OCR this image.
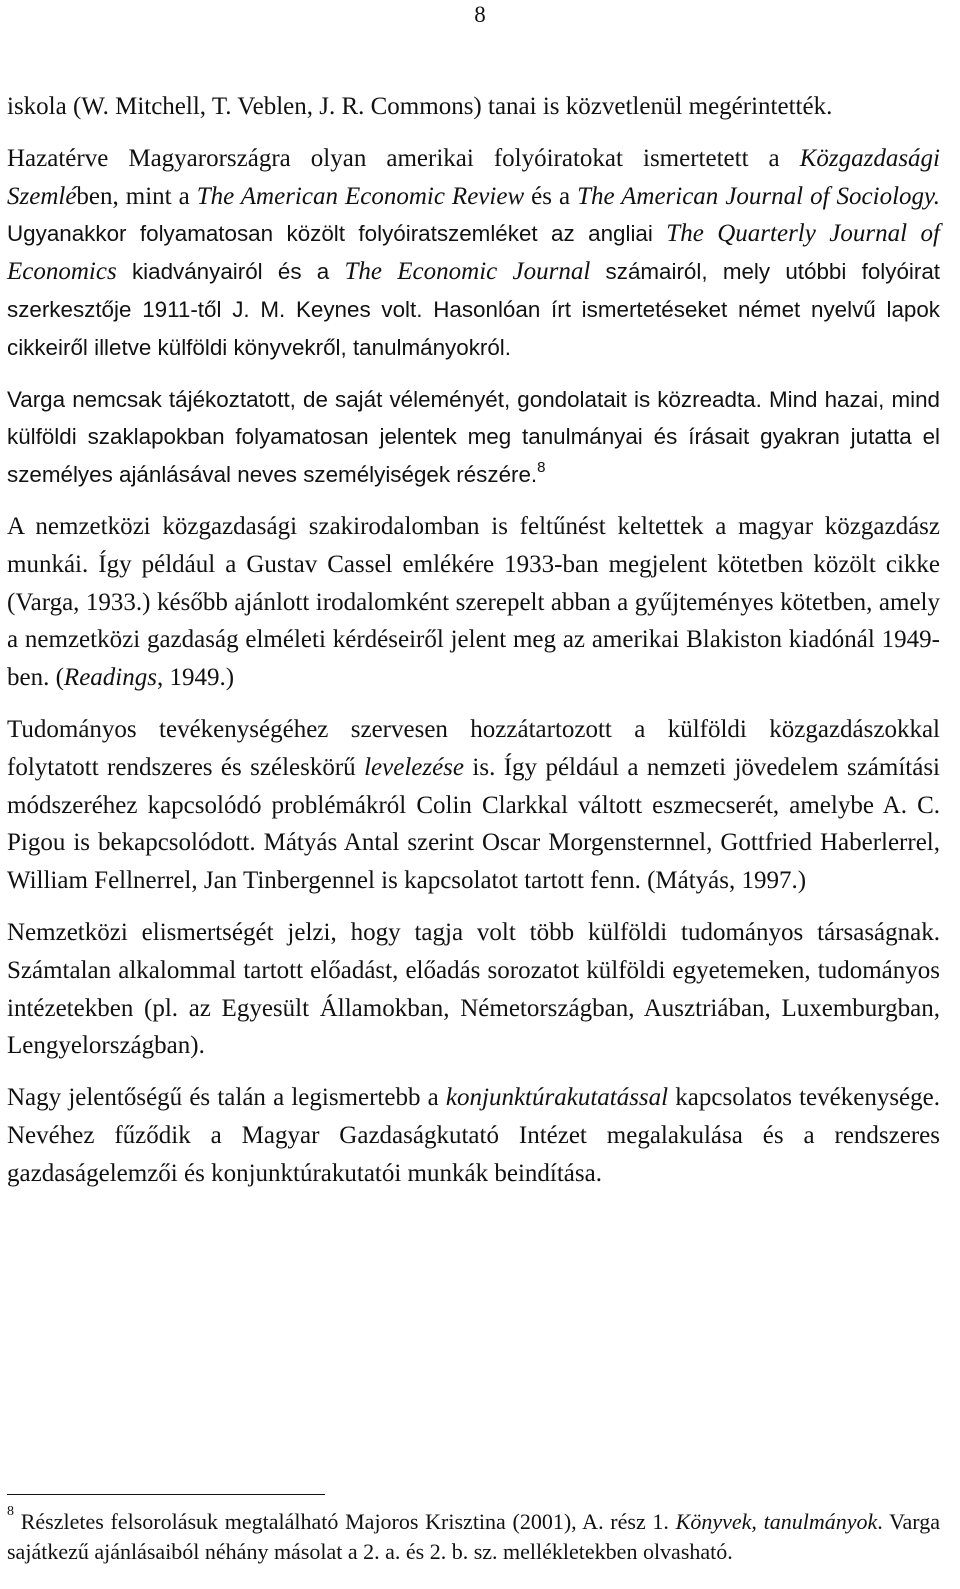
8

iskola (W. Mitchell, T. Veblen, J. R. Commons) tanai is közvetlenül megérintették.

Hazatérve Magyarországra olyan amerikai folyóiratokat ismertetett a Közgazdasági Szemlében, mint a The American Economic Review és a The American Journal of Sociology. Ugyanakkor folyamatosan közölt folyóiratszemléket az angliai The Quarterly Journal of Economics kiadványairól és a The Economic Journal számairól, mely utóbbi folyóirat szerkesztője 1911-től J. M. Keynes volt. Hasonlóan írt ismertetéseket német nyelvű lapok cikkeiről illetve külföldi könyvekről, tanulmányokról.

Varga nemcsak tájékoztatott, de saját véleményét, gondolatait is közreadta. Mind hazai, mind külföldi szaklapokban folyamatosan jelentek meg tanulmányai és írásait gyakran jutatta el személyes ajánlásával neves személyiségek részére.$^8$

A nemzetközi közgazdasági szakirodalomban is feltűnést keltettek a magyar közgazdász munkái. Így például a Gustav Cassel emlékére 1933-ban megjelent kötetben közölt cikke (Varga, 1933.) később ajánlott irodalomként szerepelt abban a gyűjteményes kötetben, amely a nemzetközi gazdaság elméleti kérdéseiről jelent meg az amerikai Blakiston kiadónál 1949-ben. (Readings, 1949.)

Tudományos tevékenységéhez szervesen hozzátartozott a külföldi közgazdászokkal folytatott rendszeres és széleskörű levelezése is. Így például a nemzeti jövedelem számítási módszeréhez kapcsolódó problémákról Colin Clarkkal váltott eszmecserét, amelybe A. C. Pigou is bekapcsolódott. Mátyás Antal szerint Oscar Morgensternnel, Gottfried Haberlerrel, William Fellnerrel, Jan Tinbergennel is kapcsolatot tartott fenn. (Mátyás, 1997.)

Nemzetközi elismertségét jelzi, hogy tagja volt több külföldi tudományos társaságnak. Számtalan alkalommal tartott előadást, előadás sorozatot külföldi egyetemeken, tudományos intézetekben (pl. az Egyesült Államokban, Németországban, Ausztriában, Luxemburgban, Lengyelországban).

Nagy jelentőségű és talán a legismertebb a konjunktúrakutatással kapcsolatos tevékenysége. Nevéhez fűződik a Magyar Gazdaságkutató Intézet megalakulása és a rendszeres gazdaságelemzői és konjunktúrakutatói munkák beindítása.

$^8$ Részletes felsorolásuk megtalálható Majoros Krisztina (2001), A. rész 1. Könyvek, tanulmányok. Varga sajátkezű ajánlásaiból néhány másolat a 2. a. és 2. b. sz. mellékletekben olvasható.
